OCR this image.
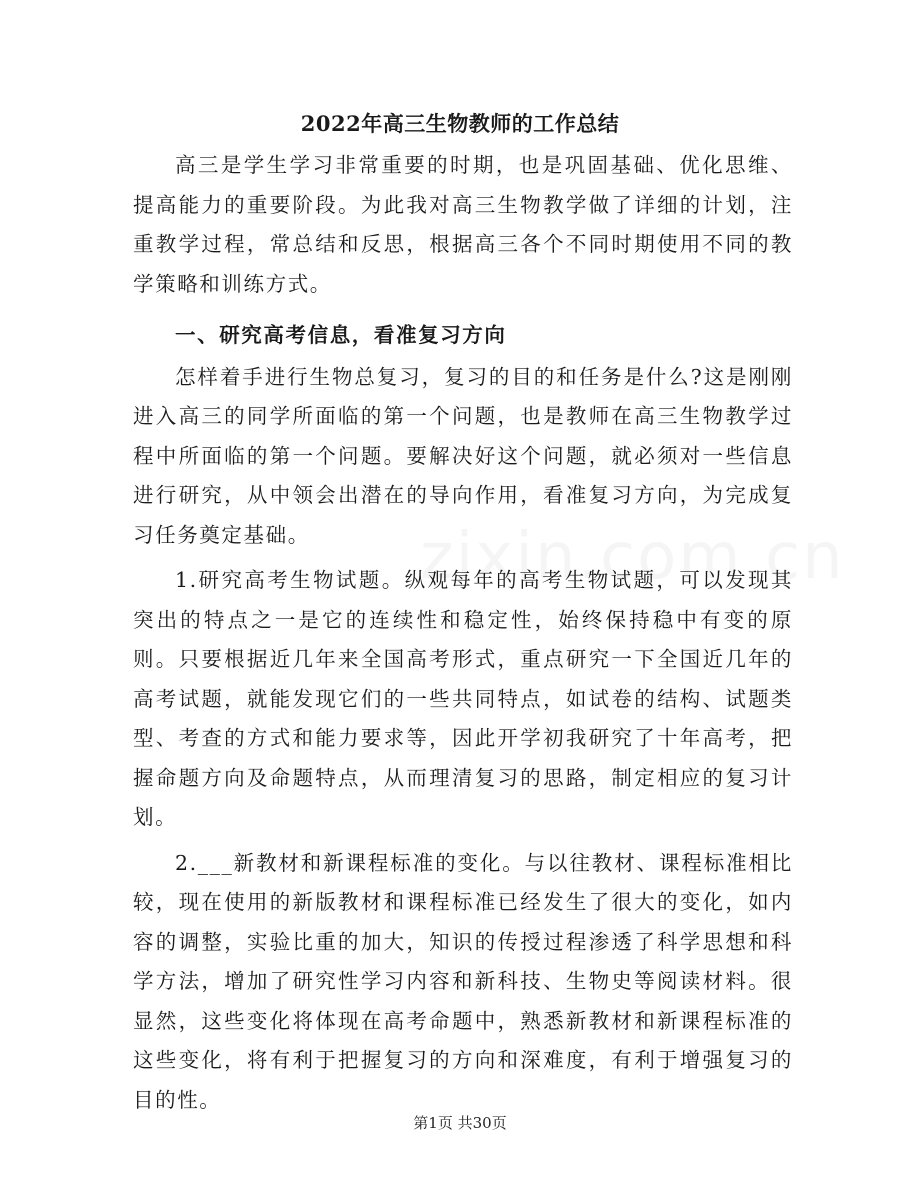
2022年高三生物教师的工作总结

高三是学生学习非常重要的时期，也是巩固基础、优化思维、提高能力的重要阶段。为此我对高三生物教学做了详细的计划，注重教学过程，常总结和反思，根据高三各个不同时期使用不同的教学策略和训练方式。

一、研究高考信息，看准复习方向

怎样着手进行生物总复习，复习的目的和任务是什么?这是刚刚进入高三的同学所面临的第一个问题，也是教师在高三生物教学过程中所面临的第一个问题。要解决好这个问题，就必须对一些信息进行研究，从中领会出潜在的导向作用，看准复习方向，为完成复习任务奠定基础。

1.研究高考生物试题。纵观每年的高考生物试题，可以发现其突出的特点之一是它的连续性和稳定性，始终保持稳中有变的原则。只要根据近几年来全国高考形式，重点研究一下全国近几年的高考试题，就能发现它们的一些共同特点，如试卷的结构、试题类型、考查的方式和能力要求等，因此开学初我研究了十年高考，把握命题方向及命题特点，从而理清复习的思路，制定相应的复习计划。

2.___新教材和新课程标准的变化。与以往教材、课程标准相比较，现在使用的新版教材和课程标准已经发生了很大的变化，如内容的调整，实验比重的加大，知识的传授过程渗透了科学思想和科学方法，增加了研究性学习内容和新科技、生物史等阅读材料。很显然，这些变化将体现在高考命题中，熟悉新教材和新课程标准的这些变化，将有利于把握复习的方向和深难度，有利于增强复习的目的性。

第1页 共30页
